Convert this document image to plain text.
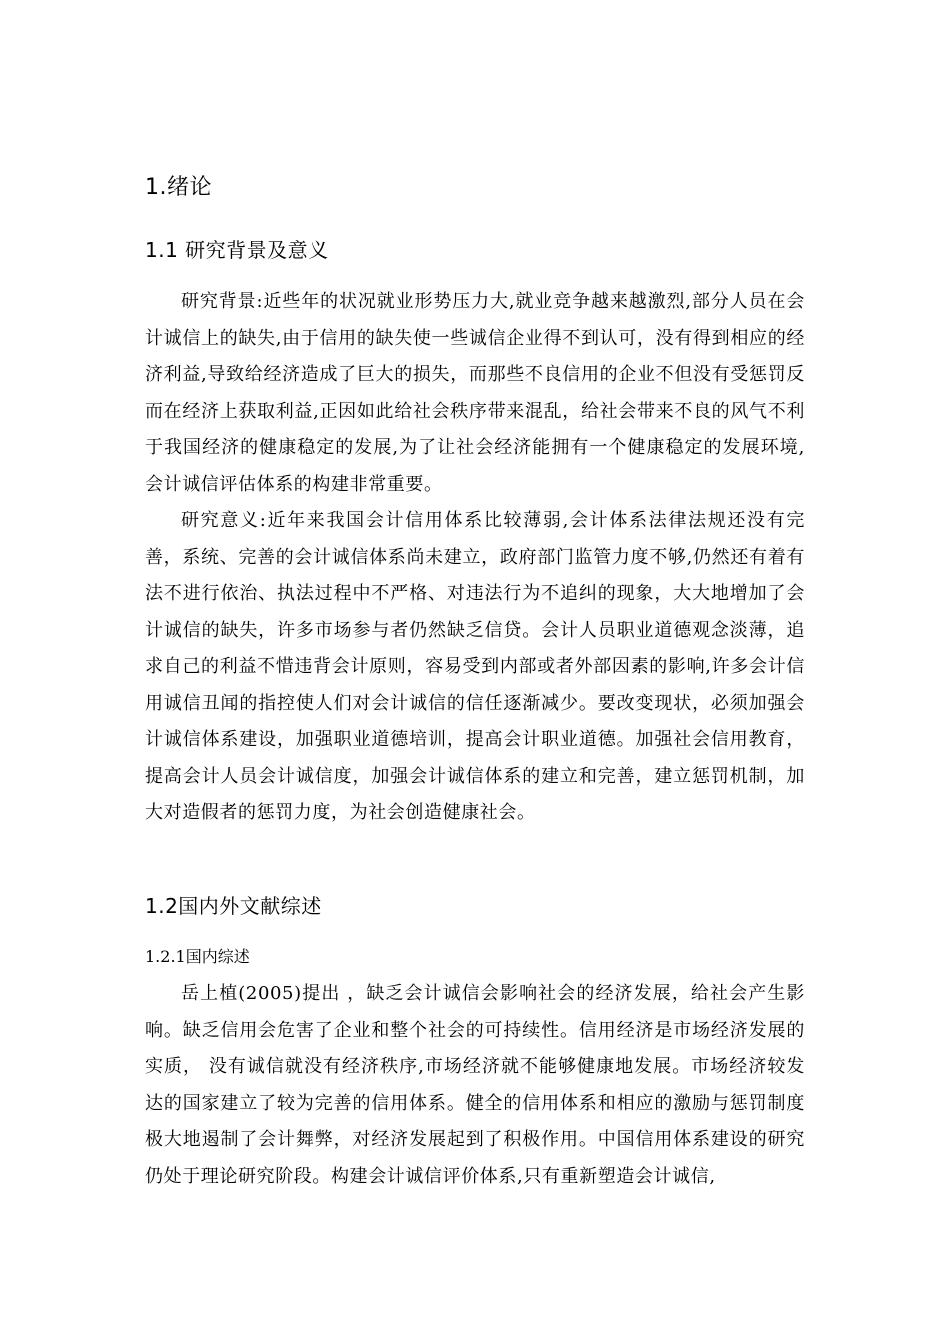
1.绪论
1.1 研究背景及意义

研究背景:近些年的状况就业形势压力大,就业竞争越来越激烈,部分人员在会计诚信上的缺失,由于信用的缺失使一些诚信企业得不到认可，没有得到相应的经济利益,导致给经济造成了巨大的损失，而那些不良信用的企业不但没有受惩罚反而在经济上获取利益,正因如此给社会秩序带来混乱，给社会带来不良的风气不利于我国经济的健康稳定的发展,为了让社会经济能拥有一个健康稳定的发展环境,会计诚信评估体系的构建非常重要。

研究意义:近年来我国会计信用体系比较薄弱,会计体系法律法规还没有完善，系统、完善的会计诚信体系尚未建立，政府部门监管力度不够,仍然还有着有法不进行依治、执法过程中不严格、对违法行为不追纠的现象，大大地增加了会计诚信的缺失，许多市场参与者仍然缺乏信贷。会计人员职业道德观念淡薄，追求自己的利益不惜违背会计原则，容易受到内部或者外部因素的影响,许多会计信用诚信丑闻的指控使人们对会计诚信的信任逐渐减少。要改变现状，必须加强会计诚信体系建设，加强职业道德培训，提高会计职业道德。加强社会信用教育，提高会计人员会计诚信度，加强会计诚信体系的建立和完善，建立惩罚机制，加大对造假者的惩罚力度，为社会创造健康社会。

1.2国内外文献综述
1.2.1国内综述

岳上植(2005)提出 ，缺乏会计诚信会影响社会的经济发展，给社会产生影响。缺乏信用会危害了企业和整个社会的可持续性。信用经济是市场经济发展的实质， 没有诚信就没有经济秩序,市场经济就不能够健康地发展。市场经济较发达的国家建立了较为完善的信用体系。健全的信用体系和相应的激励与惩罚制度极大地遏制了会计舞弊，对经济发展起到了积极作用。中国信用体系建设的研究仍处于理论研究阶段。构建会计诚信评价体系,只有重新塑造会计诚信,
